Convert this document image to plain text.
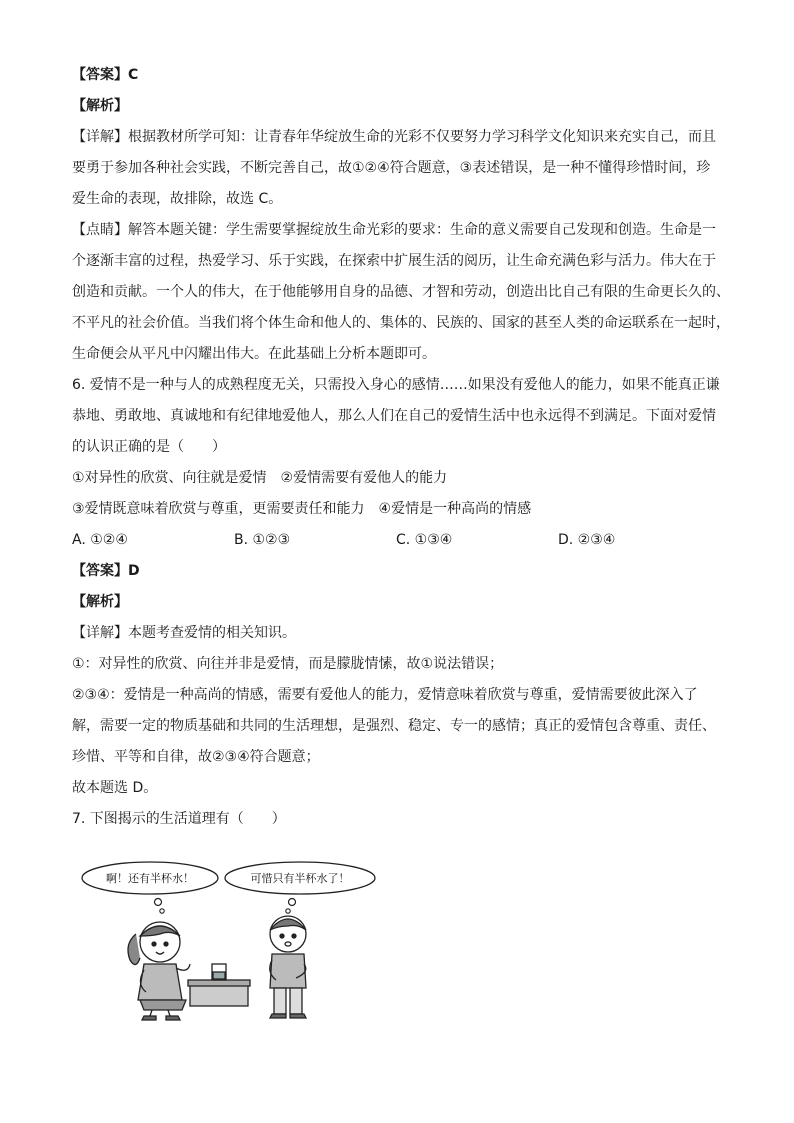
【答案】C

【解析】

【详解】根据教材所学可知：让青春年华绽放生命的光彩不仅要努力学习科学文化知识来充实自己，而且

要勇于参加各种社会实践，不断完善自己，故①②④符合题意，③表述错误，是一种不懂得珍惜时间，珍

爱生命的表现，故排除，故选 C。

【点睛】解答本题关键：学生需要掌握绽放生命光彩的要求：生命的意义需要自己发现和创造。生命是一

个逐渐丰富的过程，热爱学习、乐于实践，在探索中扩展生活的阅历，让生命充满色彩与活力。伟大在于

创造和贡献。一个人的伟大，在于他能够用自身的品德、才智和劳动，创造出比自己有限的生命更长久的、

不平凡的社会价值。当我们将个体生命和他人的、集体的、民族的、国家的甚至人类的命运联系在一起时，

生命便会从平凡中闪耀出伟大。在此基础上分析本题即可。

6. 爱情不是一种与人的成熟程度无关，只需投入身心的感情……如果没有爱他人的能力，如果不能真正谦

恭地、勇敢地、真诚地和有纪律地爱他人，那么人们在自己的爱情生活中也永远得不到满足。下面对爱情

的认识正确的是（　　）

①对异性的欣赏、向往就是爱情　②爱情需要有爱他人的能力

③爱情既意味着欣赏与尊重，更需要责任和能力　④爱情是一种高尚的情感

A. ①②④	B. ①②③	C. ①③④	D. ②③④

【答案】D

【解析】

【详解】本题考查爱情的相关知识。

①：对异性的欣赏、向往并非是爱情，而是朦胧情愫，故①说法错误；

②③④：爱情是一种高尚的情感，需要有爱他人的能力，爱情意味着欣赏与尊重，爱情需要彼此深入了

解，需要一定的物质基础和共同的生活理想，是强烈、稳定、专一的感情；真正的爱情包含尊重、责任、

珍惜、平等和自律，故②③④符合题意；

故本题选 D。

7. 下图揭示的生活道理有（　　）

啊！还有半杯水！	可惜只有半杯水了！
